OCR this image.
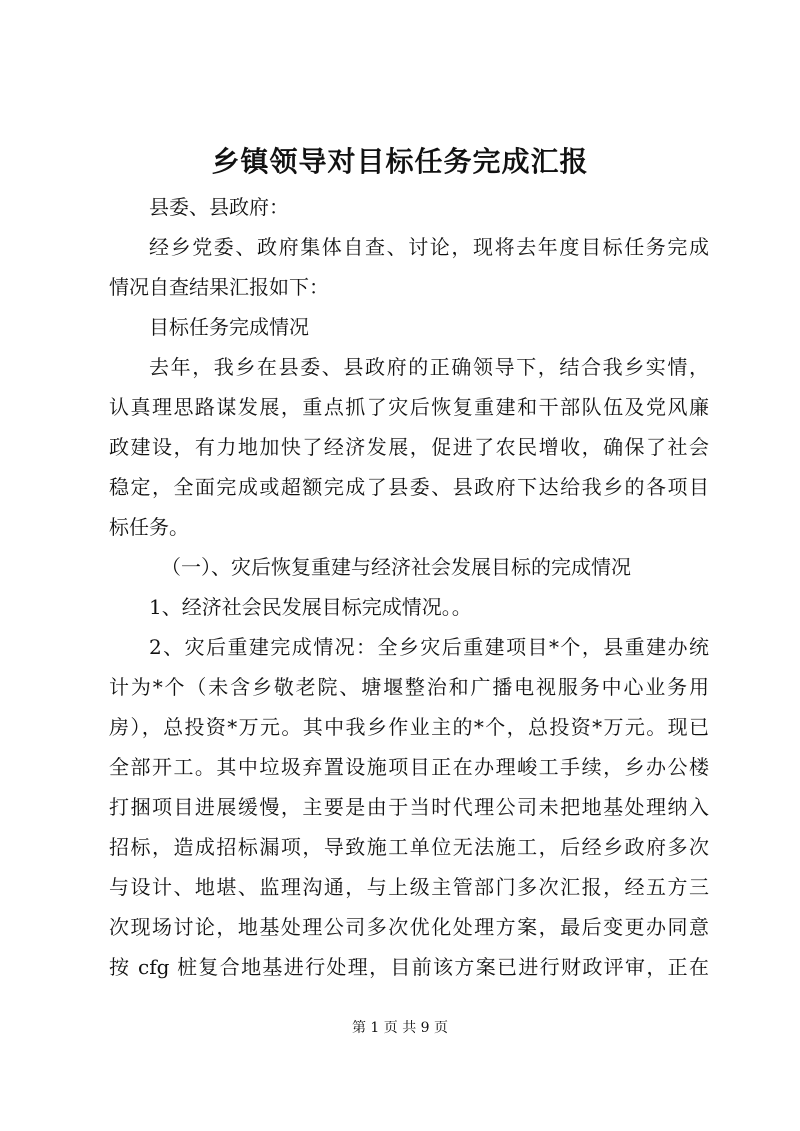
乡镇领导对目标任务完成汇报
县委、县政府：
经乡党委、政府集体自查、讨论，现将去年度目标任务完成
情况自查结果汇报如下：
目标任务完成情况
去年，我乡在县委、县政府的正确领导下，结合我乡实情，
认真理思路谋发展，重点抓了灾后恢复重建和干部队伍及党风廉
政建设，有力地加快了经济发展，促进了农民增收，确保了社会
稳定，全面完成或超额完成了县委、县政府下达给我乡的各项目
标任务。
（一）、灾后恢复重建与经济社会发展目标的完成情况
1、经济社会民发展目标完成情况。。
2、灾后重建完成情况：全乡灾后重建项目*个，县重建办统
计为*个（未含乡敬老院、塘堰整治和广播电视服务中心业务用
房），总投资*万元。其中我乡作业主的*个，总投资*万元。现已
全部开工。其中垃圾弃置设施项目正在办理峻工手续，乡办公楼
打捆项目进展缓慢，主要是由于当时代理公司未把地基处理纳入
招标，造成招标漏项，导致施工单位无法施工，后经乡政府多次
与设计、地堪、监理沟通，与上级主管部门多次汇报，经五方三
次现场讨论，地基处理公司多次优化处理方案，最后变更办同意
按 cfg 桩复合地基进行处理，目前该方案已进行财政评审，正在
第 1 页 共 9 页
